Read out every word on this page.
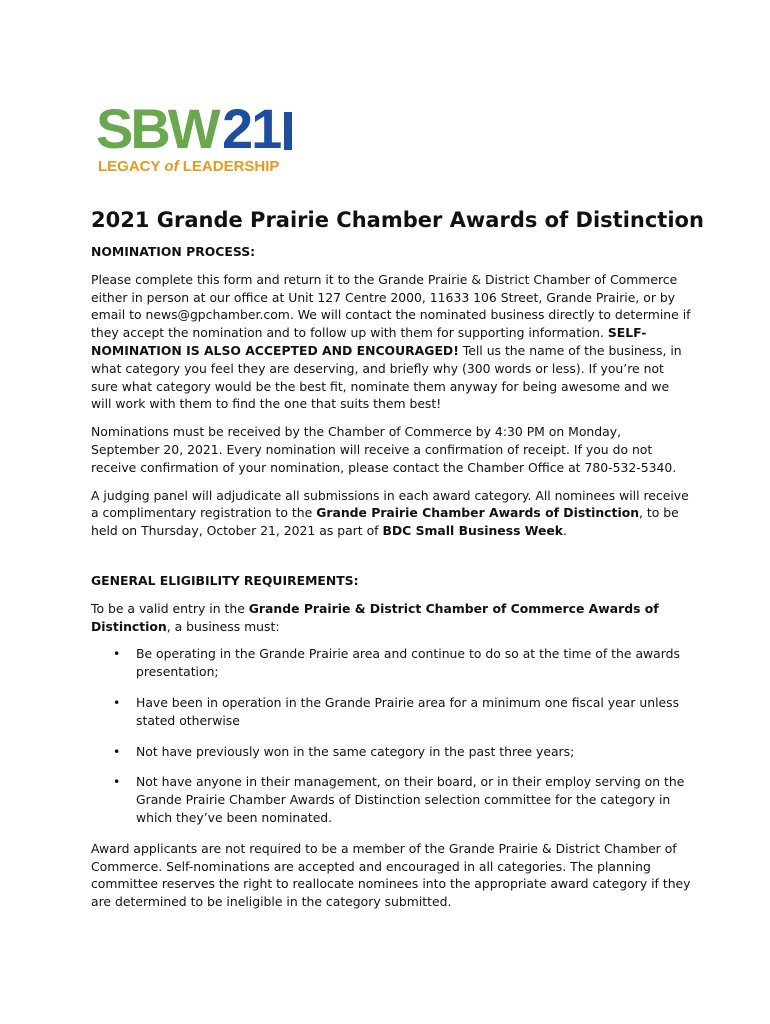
SBW 21
LEGACY of LEADERSHIP
2021 Grande Prairie Chamber Awards of Distinction

NOMINATION PROCESS:

Please complete this form and return it to the Grande Prairie & District Chamber of Commerce either in person at our office at Unit 127 Centre 2000, 11633 106 Street, Grande Prairie, or by email to news@gpchamber.com. We will contact the nominated business directly to determine if they accept the nomination and to follow up with them for supporting information. SELF-NOMINATION IS ALSO ACCEPTED AND ENCOURAGED! Tell us the name of the business, in what category you feel they are deserving, and briefly why (300 words or less). If you’re not sure what category would be the best fit, nominate them anyway for being awesome and we will work with them to find the one that suits them best!

Nominations must be received by the Chamber of Commerce by 4:30 PM on Monday, September 20, 2021. Every nomination will receive a confirmation of receipt. If you do not receive confirmation of your nomination, please contact the Chamber Office at 780-532-5340.

A judging panel will adjudicate all submissions in each award category. All nominees will receive a complimentary registration to the Grande Prairie Chamber Awards of Distinction, to be held on Thursday, October 21, 2021 as part of BDC Small Business Week.

GENERAL ELIGIBILITY REQUIREMENTS:

To be a valid entry in the Grande Prairie & District Chamber of Commerce Awards of Distinction, a business must:

• Be operating in the Grande Prairie area and continue to do so at the time of the awards presentation;
• Have been in operation in the Grande Prairie area for a minimum one fiscal year unless stated otherwise
• Not have previously won in the same category in the past three years;
• Not have anyone in their management, on their board, or in their employ serving on the Grande Prairie Chamber Awards of Distinction selection committee for the category in which they’ve been nominated.

Award applicants are not required to be a member of the Grande Prairie & District Chamber of Commerce. Self-nominations are accepted and encouraged in all categories. The planning committee reserves the right to reallocate nominees into the appropriate award category if they are determined to be ineligible in the category submitted.
